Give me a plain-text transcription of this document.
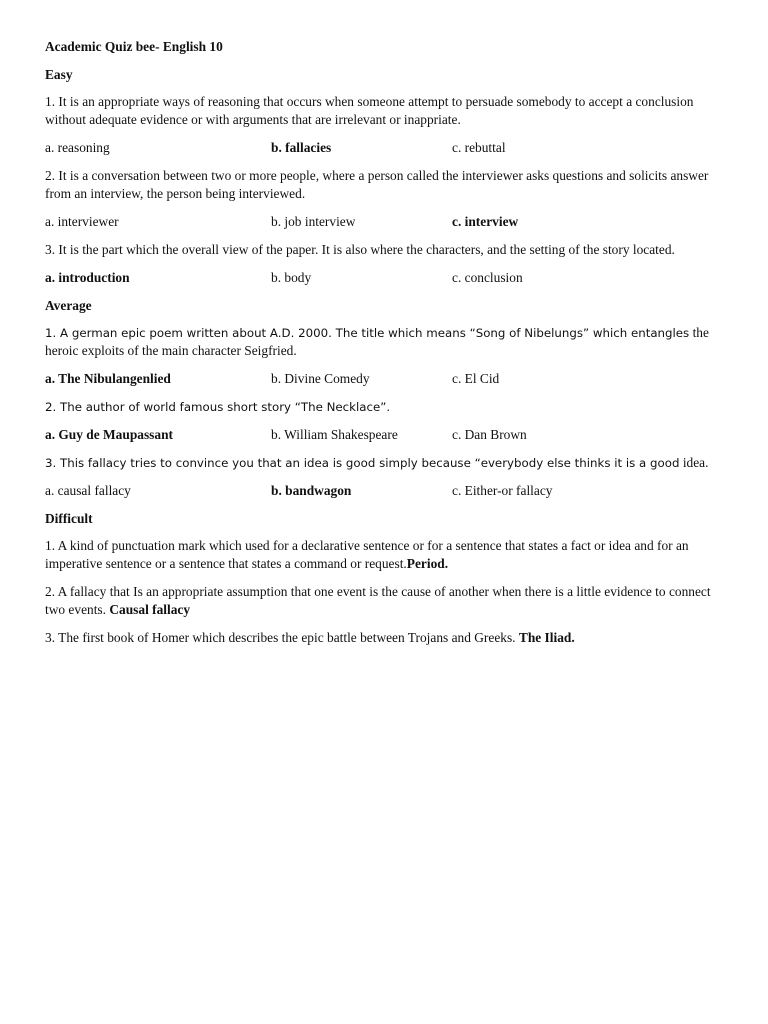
Academic Quiz bee- English 10
Easy
1. It is an appropriate ways of reasoning that occurs when someone attempt to persuade somebody to accept a conclusion without adequate evidence or with arguments that are irrelevant or inappriate.
a. reasoning	b. fallacies	c. rebuttal
2. It is a conversation between two or more people, where a person called the interviewer asks questions and solicits answer from an interview, the person being interviewed.
a. interviewer	b. job interview	c. interview
3. It is the part which the overall view of the paper. It is also where the characters, and the setting of the story located.
a. introduction	b. body	c. conclusion
Average
1. A german epic poem written about A.D. 2000. The title which means “Song of Nibelungs” which entangles the heroic exploits of the main character Seigfried.
a. The Nibulangenlied	b. Divine Comedy	c. El Cid
2. The author of world famous short story “The Necklace”.
a. Guy de Maupassant	b. William Shakespeare	c. Dan Brown
3. This fallacy tries to convince you that an idea is good simply because “everybody else thinks it is a good idea.
a. causal fallacy	b. bandwagon	c. Either-or fallacy
Difficult
1. A kind of punctuation mark which used for a declarative sentence or for a sentence that states a fact or idea and for an imperative sentence or a sentence that states a command or request.Period.
2. A fallacy that Is an appropriate assumption that one event is the cause of another when there is a little evidence to connect two events. Causal fallacy
3. The first book of Homer which describes the epic battle between Trojans and Greeks. The Iliad.
